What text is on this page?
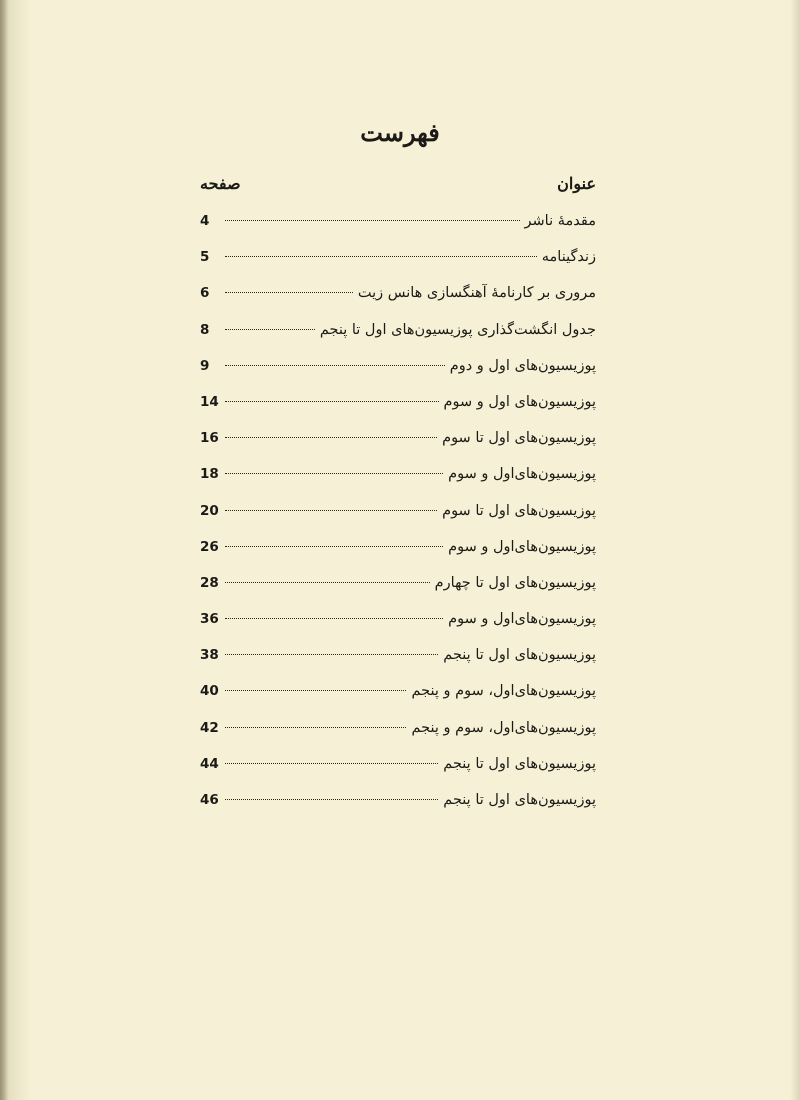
فهرست
عنوان
صفحه
مقدمهٔ ناشر
4
زندگینامه
5
مروری بر کارنامهٔ آهنگسازی هانس زیت
6
جدول انگشت‌گذاری پوزیسیون‌های اول تا پنجم
8
پوزیسیون‌های اول و دوم
9
پوزیسیون‌های اول و سوم
14
پوزیسیون‌های اول تا سوم
16
پوزیسیون‌های‌اول و سوم
18
پوزیسیون‌های اول تا سوم
20
پوزیسیون‌های‌اول و سوم
26
پوزیسیون‌های اول تا چهارم
28
پوزیسیون‌های‌اول و سوم
36
پوزیسیون‌های اول تا پنجم
38
پوزیسیون‌های‌اول، سوم و پنجم
40
پوزیسیون‌های‌اول، سوم و پنجم
42
پوزیسیون‌های اول تا پنجم
44
پوزیسیون‌های اول تا پنجم
46
